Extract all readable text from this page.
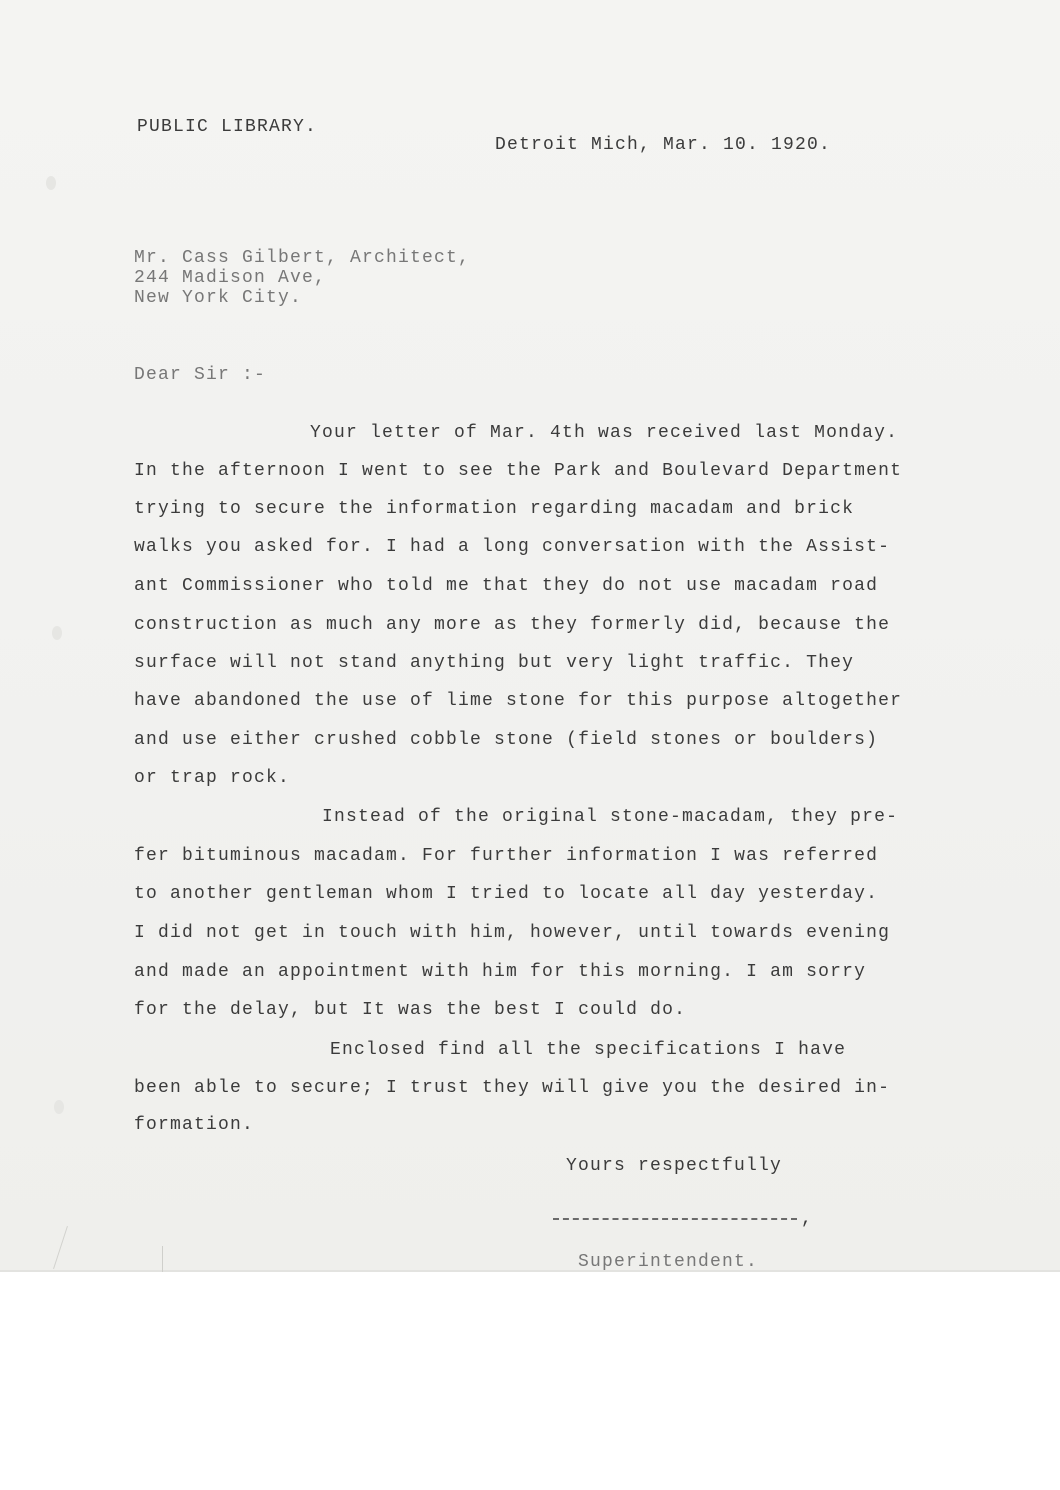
PUBLIC LIBRARY.
Detroit Mich, Mar. 10. 1920.
Mr. Cass Gilbert, Architect,
244 Madison Ave,
New York City.
Dear Sir :-
Your letter of Mar. 4th was received last Monday.
In the afternoon I went to see the Park and Boulevard Department
trying to secure the information regarding macadam and brick
walks you asked for. I had a long conversation with the Assist-
ant Commissioner who told me that they do not use macadam road
construction as much any more as they formerly did, because the
surface will not stand anything but very light traffic. They
have abandoned the use of lime stone for this purpose altogether
and use either crushed cobble stone (field stones or boulders)
or trap rock.
Instead of the original stone-macadam, they pre-
fer bituminous macadam. For further information I was referred
to another gentleman whom I tried to locate all day yesterday.
I did not get in touch with him, however, until towards evening
and made an appointment with him for this morning. I am sorry
for the delay, but It was the best I could do.
Enclosed find all the specifications I have
been able to secure; I trust they will give you the desired in-
formation.
Yours respectfully
,
Superintendent.
